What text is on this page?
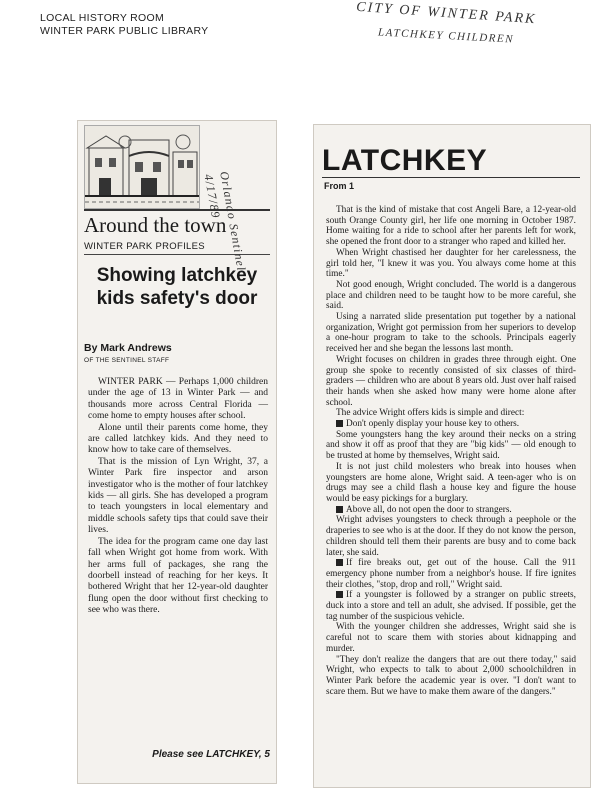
LOCAL HISTORY ROOM
WINTER PARK PUBLIC LIBRARY
CITY OF WINTER PARK
LATCHKEY CHILDREN
Around the town
WINTER PARK PROFILES
Showing latchkey kids safety's door
By Mark Andrews
OF THE SENTINEL STAFF

WINTER PARK — Perhaps 1,000 children under the age of 13 in Winter Park — and thousands more across Central Florida — come home to empty houses after school.

Alone until their parents come home, they are called latchkey kids. And they need to know how to take care of themselves.

That is the mission of Lyn Wright, 37, a Winter Park fire inspector and arson investigator who is the mother of four latchkey kids — all girls. She has developed a program to teach youngsters in local elementary and middle schools safety tips that could save their lives.

The idea for the program came one day last fall when Wright got home from work. With her arms full of packages, she rang the doorbell instead of reaching for her keys. It bothered Wright that her 12-year-old daughter flung open the door without first checking to see who was there.

Please see LATCHKEY, 5
Orlando Sentinel
4/17/89
LATCHKEY
From 1

That is the kind of mistake that cost Angeli Bare, a 12-year-old south Orange County girl, her life one morning in October 1987. Home waiting for a ride to school after her parents left for work, she opened the front door to a stranger who raped and killed her.

When Wright chastised her daughter for her carelessness, the girl told her, "I knew it was you. You always come home at this time."

Not good enough, Wright concluded. The world is a dangerous place and children need to be taught how to be more careful, she said.

Using a narrated slide presentation put together by a national organization, Wright got permission from her superiors to develop a one-hour program to take to the schools. Principals eagerly received her and she began the lessons last month.

Wright focuses on children in grades three through eight. One group she spoke to recently consisted of six classes of third-graders — children who are about 8 years old. Just over half raised their hands when she asked how many were home alone after school.

The advice Wright offers kids is simple and direct:

Don't openly display your house key to others.

Some youngsters hang the key around their necks on a string and show it off as proof that they are "big kids" — old enough to be trusted at home by themselves, Wright said.

It is not just child molesters who break into houses when youngsters are home alone, Wright said. A teen-ager who is on drugs may see a child flash a house key and figure the house would be easy pickings for a burglary.

Above all, do not open the door to strangers.

Wright advises youngsters to check through a peephole or the draperies to see who is at the door. If they do not know the person, children should tell them their parents are busy and to come back later, she said.

If fire breaks out, get out of the house. Call the 911 emergency phone number from a neighbor's house. If fire ignites their clothes, "stop, drop and roll," Wright said.

If a youngster is followed by a stranger on public streets, duck into a store and tell an adult, she advised. If possible, get the tag number of the suspicious vehicle.

With the younger children she addresses, Wright said she is careful not to scare them with stories about kidnapping and murder.

"They don't realize the dangers that are out there today," said Wright, who expects to talk to about 2,000 schoolchildren in Winter Park before the academic year is over. "I don't want to scare them. But we have to make them aware of the dangers."
